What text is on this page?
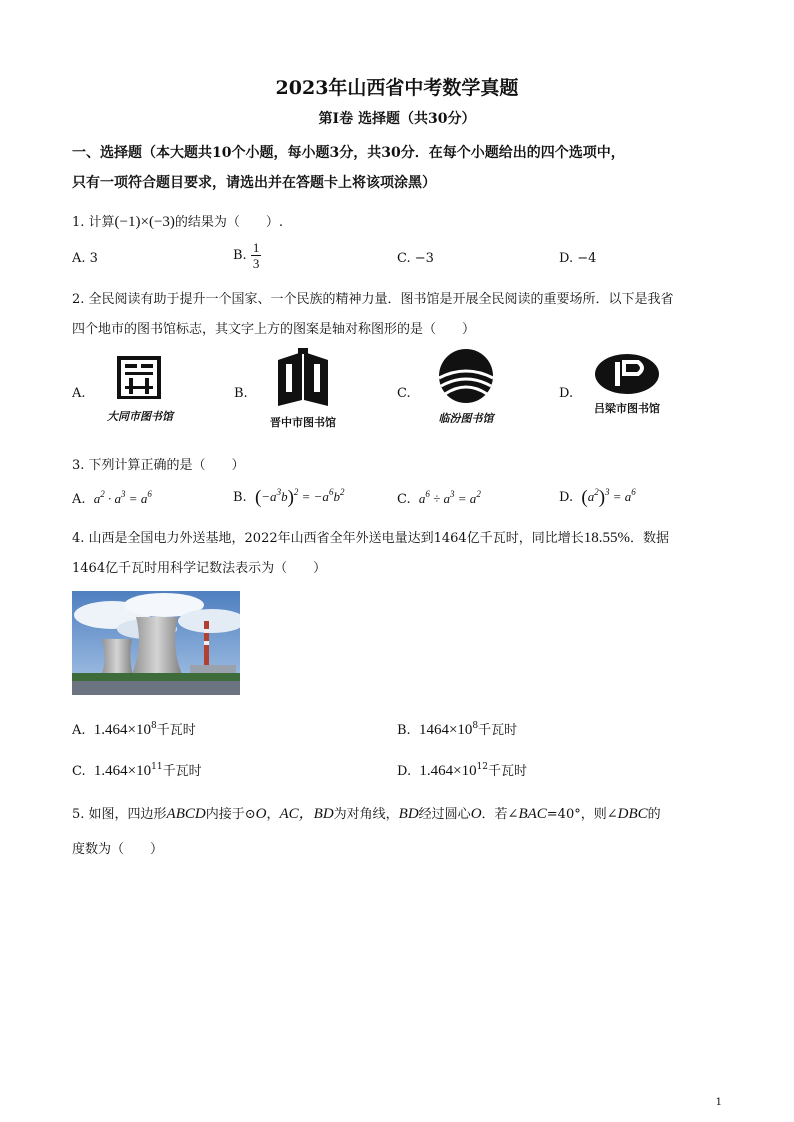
2023年山西省中考数学真题
第Ⅰ卷 选择题（共30分）
一、选择题（本大题共10个小题，每小题3分，共30分．在每个小题给出的四个选项中，
只有一项符合题目要求，请选出并在答题卡上将该项涂黑）
1. 计算(−1)×(−3)的结果为（　　）.
A. 3	B. $\frac{1}{3}$	C. −3	D. −4
2. 全民阅读有助于提升一个国家、一个民族的精神力量．图书馆是开展全民阅读的重要场所．以下是我省
四个地市的图书馆标志，其文字上方的图案是轴对称图形的是（　　）
A.	B.	C.	D.
大同市图书馆	晋中市图书馆	临汾图书馆
吕梁市图书馆
3. 下列计算正确的是（　　）
A. $a^2 \cdot a^3 = a^6$	B. $(-a^3b)^2 = -a^6b^2$	C. $a^6 \div a^3 = a^2$	D. $(a^2)^3 = a^6$
4. 山西是全国电力外送基地，2022年山西省全年外送电量达到1464亿千瓦时，同比增长18.55%．数据
1464亿千瓦时用科学记数法表示为（　　）
A. $1.464\times 10^8$千瓦时	B. $1464\times 10^8$千瓦时
C. $1.464\times 10^{11}$千瓦时	D. $1.464\times 10^{12}$千瓦时
5. 如图，四边形ABCD内接于⊙O，AC，BD为对角线，BD经过圆心O．若∠BAC=40°，则∠DBC的
度数为（　　）
1
